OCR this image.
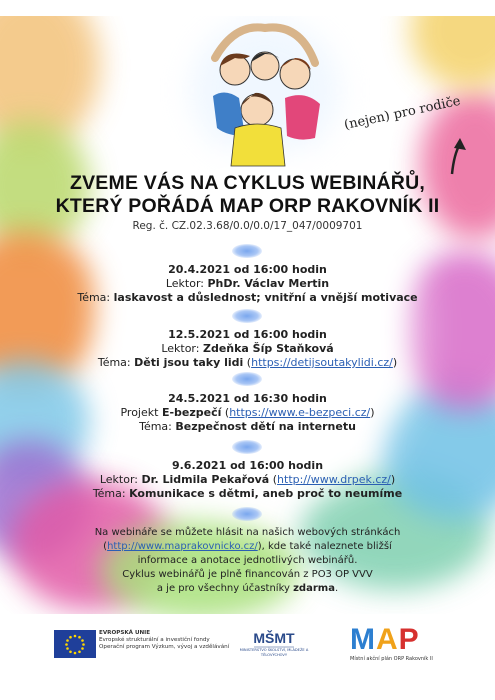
(nejen) pro rodiče
ZVEME VÁS NA CYKLUS WEBINÁŘŮ,
KTERÝ POŘÁDÁ MAP ORP RAKOVNÍK II
Reg. č. CZ.02.3.68/0.0/0.0/17_047/0009701
20.4.2021 od 16:00 hodin
Lektor: PhDr. Václav Mertin
Téma: laskavost a důslednost; vnitřní a vnější motivace
12.5.2021 od 16:00 hodin
Lektor: Zdeňka Šíp Staňková
Téma: Děti jsou taky lidi (https://detijsoutakylidi.cz/)
24.5.2021 od 16:30 hodin
Projekt E-bezpečí (https://www.e-bezpeci.cz/)
Téma: Bezpečnost dětí na internetu
9.6.2021 od 16:00 hodin
Lektor: Dr. Lidmila Pekařová (http://www.drpek.cz/)
Téma: Komunikace s dětmi, aneb proč to neumíme
Na webináře se můžete hlásit na našich webových stránkách
(http://www.maprakovnicko.cz/), kde také naleznete bližší
informace a anotace jednotlivých webinářů.
Cyklus webinářů je plně financován z PO3 OP VVV
a je pro všechny účastníky zdarma.
EVROPSKÁ UNIE
Evropské strukturální a investiční fondy
Operační program Výzkum, vývoj a vzdělávání
MŠMT
MINISTERSTVO ŠKOLSTVÍ, MLÁDEŽE A TĚLOVÝCHOVY	MAP
Místní akční plán ORP Rakovník II
